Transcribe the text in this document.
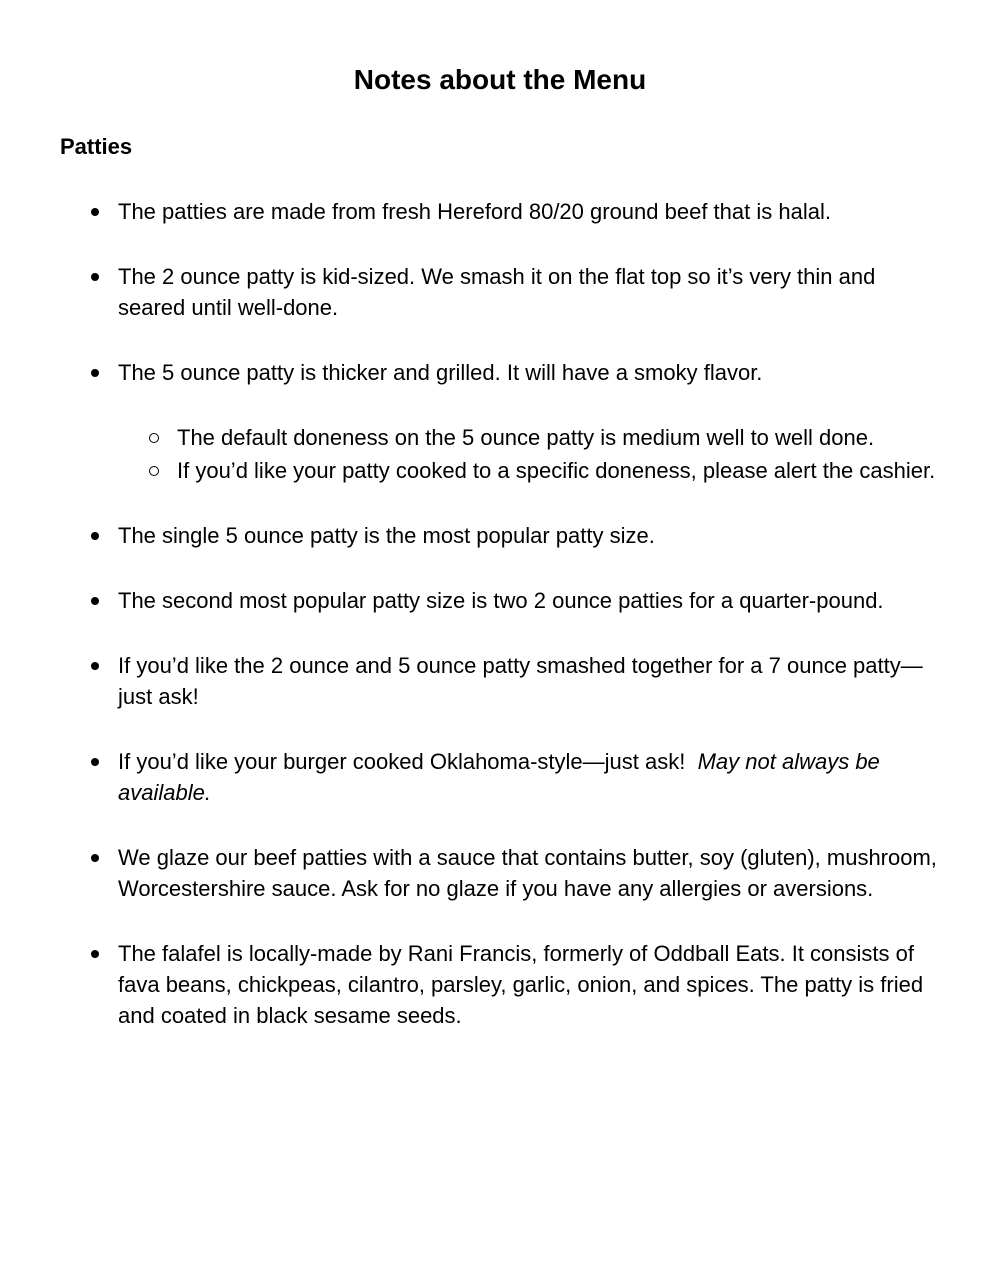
Notes about the Menu
Patties
The patties are made from fresh Hereford 80/20 ground beef that is halal.
The 2 ounce patty is kid-sized. We smash it on the flat top so it’s very thin and seared until well-done.
The 5 ounce patty is thicker and grilled. It will have a smoky flavor.
The default doneness on the 5 ounce patty is medium well to well done.
If you’d like your patty cooked to a specific doneness, please alert the cashier.
The single 5 ounce patty is the most popular patty size.
The second most popular patty size is two 2 ounce patties for a quarter-pound.
If you’d like the 2 ounce and 5 ounce patty smashed together for a 7 ounce patty—just ask!
If you’d like your burger cooked Oklahoma-style—just ask!  May not always be available.
We glaze our beef patties with a sauce that contains butter, soy (gluten), mushroom, Worcestershire sauce. Ask for no glaze if you have any allergies or aversions.
The falafel is locally-made by Rani Francis, formerly of Oddball Eats. It consists of fava beans, chickpeas, cilantro, parsley, garlic, onion, and spices. The patty is fried and coated in black sesame seeds.
